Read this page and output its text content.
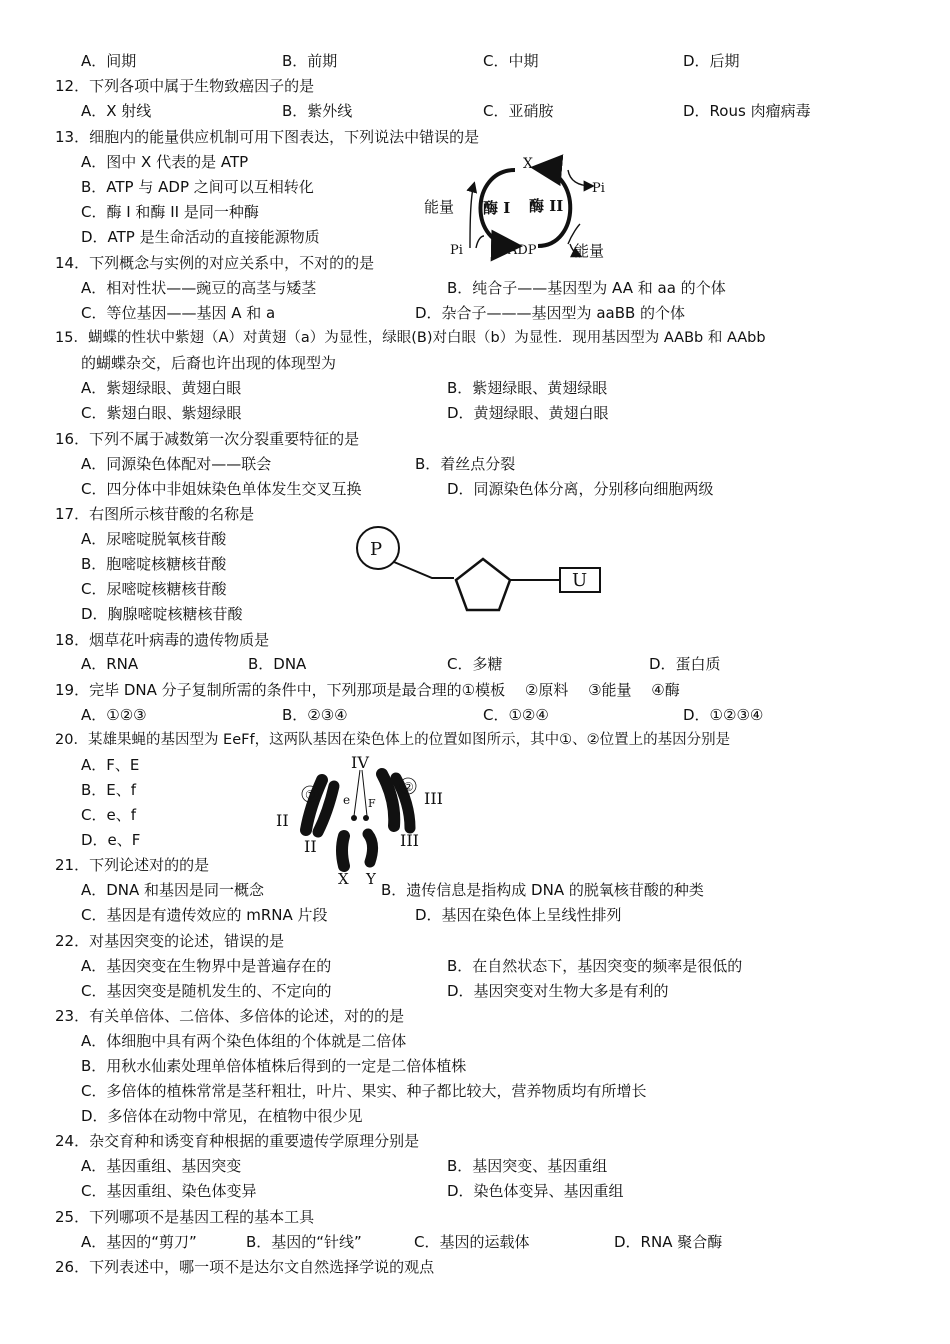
A．间期	B．前期	C．中期	D．后期
12．下列各项中属于生物致癌因子的是
A．X 射线	B．紫外线	C．亚硝胺	D．Rous 肉瘤病毒
13．细胞内的能量供应机制可用下图表达，下列说法中错误的是
A．图中 X 代表的是 ATP
B．ATP 与 ADP 之间可以互相转化
C．酶 I 和酶 II 是同一种酶
D．ATP 是生命活动的直接能源物质
X
ADP
Pi
Pi
能量
能量
酶 I 酶 II
14．下列概念与实例的对应关系中，不对的的是
A．相对性状——豌豆的高茎与矮茎	B．纯合子——基因型为 AA 和 aa 的个体
C．等位基因——基因 A 和 a	D．杂合子———基因型为 aaBB 的个体
15．蝴蝶的性状中紫翅（A）对黄翅（a）为显性，绿眼(B)对白眼（b）为显性．现用基因型为 AABb 和 AAbb
的蝴蝶杂交，后裔也许出现的体现型为
A．紫翅绿眼、黄翅白眼	B．紫翅绿眼、黄翅绿眼
C．紫翅白眼、紫翅绿眼	D．黄翅绿眼、黄翅白眼
16．下列不属于减数第一次分裂重要特征的是
A．同源染色体配对——联会	B．着丝点分裂
C．四分体中非姐妹染色单体发生交叉互换	D．同源染色体分离，分别移向细胞两级
17．右图所示核苷酸的名称是
A．尿嘧啶脱氧核苷酸
B．胞嘧啶核糖核苷酸
C．尿嘧啶核糖核苷酸
D．胸腺嘧啶核糖核苷酸
P
U
18．烟草花叶病毒的遗传物质是
A．RNA	B．DNA	C．多糖	D．蛋白质
19．完毕 DNA 分子复制所需的条件中，下列那项是最合理的①模板　 ②原料　 ③能量　 ④酶
A．①②③	B．②③④	C．①②④	D．①②③④
20．某雄果蝇的基因型为 EeFf，这两队基因在染色体上的位置如图所示，其中①、②位置上的基因分别是
A．F、E
B．E、f
C．e、f
D．e、F
①
②
e F
IV
II
II
III
III
X Y
21．下列论述对的的是
A．DNA 和基因是同一概念	B．遗传信息是指构成 DNA 的脱氧核苷酸的种类
C．基因是有遗传效应的 mRNA 片段	D．基因在染色体上呈线性排列
22．对基因突变的论述，错误的是
A．基因突变在生物界中是普遍存在的	B．在自然状态下，基因突变的频率是很低的
C．基因突变是随机发生的、不定向的	D．基因突变对生物大多是有利的
23．有关单倍体、二倍体、多倍体的论述，对的的是
A．体细胞中具有两个染色体组的个体就是二倍体
B．用秋水仙素处理单倍体植株后得到的一定是二倍体植株
C．多倍体的植株常常是茎秆粗壮，叶片、果实、种子都比较大，营养物质均有所增长
D．多倍体在动物中常见，在植物中很少见
24．杂交育种和诱变育种根据的重要遗传学原理分别是
A．基因重组、基因突变	B．基因突变、基因重组
C．基因重组、染色体变异	D．染色体变异、基因重组
25．下列哪项不是基因工程的基本工具
A．基因的“剪刀”	B．基因的“针线”	C．基因的运载体	D．RNA 聚合酶
26．下列表述中，哪一项不是达尔文自然选择学说的观点
